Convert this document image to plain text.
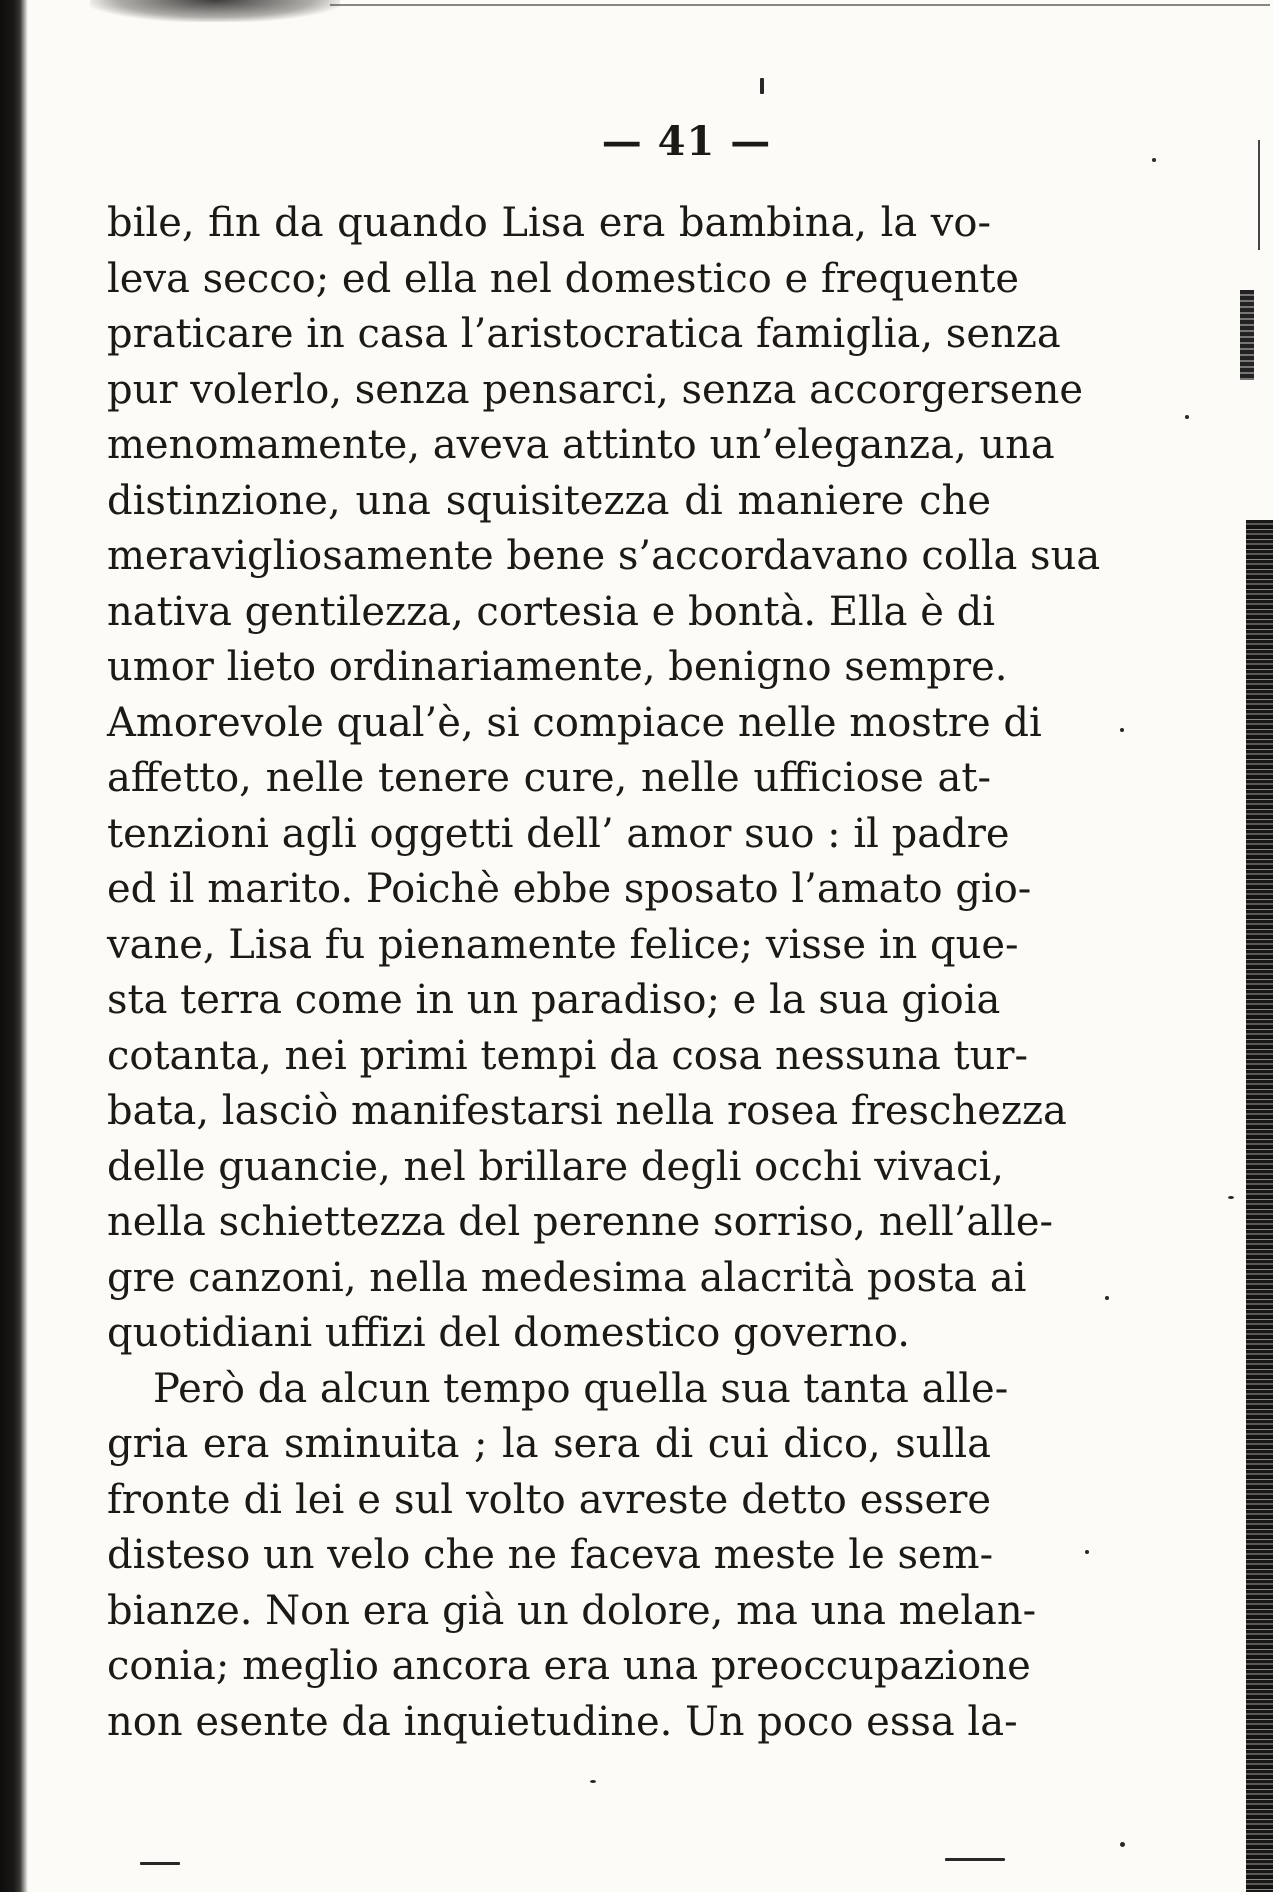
— 41 —
bile, fin da quando Lisa era bambina, la vo-
leva secco; ed ella nel domestico e frequente
praticare in casa l’aristocratica famiglia, senza
pur volerlo, senza pensarci, senza accorgersene
menomamente, aveva attinto un’eleganza, una
distinzione, una squisitezza di maniere che
meravigliosamente bene s’accordavano colla sua
nativa gentilezza, cortesia e bontà. Ella è di
umor lieto ordinariamente, benigno sempre.
Amorevole qual’è, si compiace nelle mostre di
affetto, nelle tenere cure, nelle ufficiose at-
tenzioni agli oggetti dell’ amor suo : il padre
ed il marito. Poichè ebbe sposato l’amato gio-
vane, Lisa fu pienamente felice; visse in que-
sta terra come in un paradiso; e la sua gioia
cotanta, nei primi tempi da cosa nessuna tur-
bata, lasciò manifestarsi nella rosea freschezza
delle guancie, nel brillare degli occhi vivaci,
nella schiettezza del perenne sorriso, nell’alle-
gre canzoni, nella medesima alacrità posta ai
quotidiani uffizi del domestico governo.
Però da alcun tempo quella sua tanta alle-
gria era sminuita ; la sera di cui dico, sulla
fronte di lei e sul volto avreste detto essere
disteso un velo che ne faceva meste le sem-
bianze. Non era già un dolore, ma una melan-
conia; meglio ancora era una preoccupazione
non esente da inquietudine. Un poco essa la-
